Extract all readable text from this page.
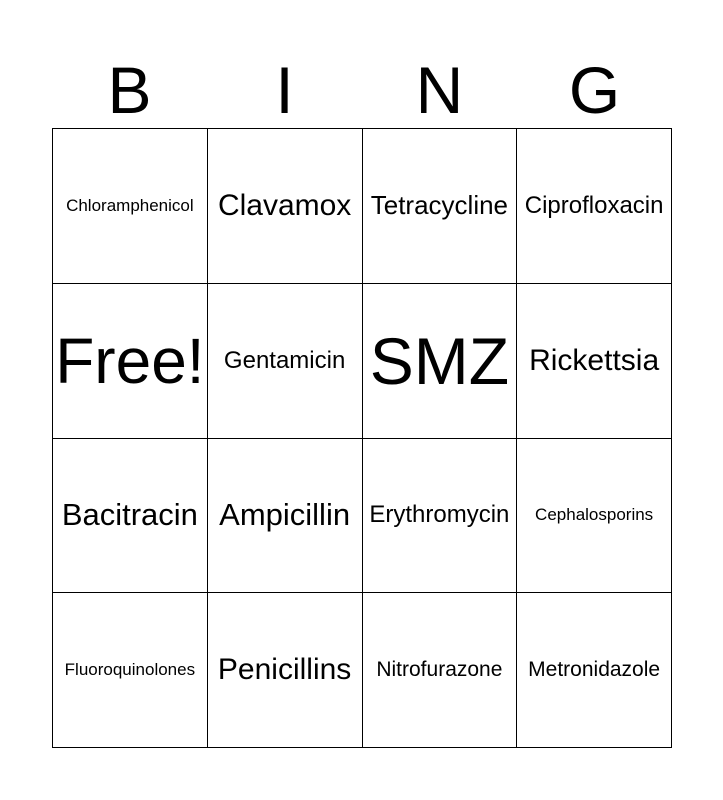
B	I	N	G
Chloramphenicol Clavamox Tetracycline Ciprofloxacin
Free! Gentamicin SMZ Rickettsia
Bacitracin Ampicillin Erythromycin Cephalosporins
Fluoroquinolones Penicillins Nitrofurazone Metronidazole
